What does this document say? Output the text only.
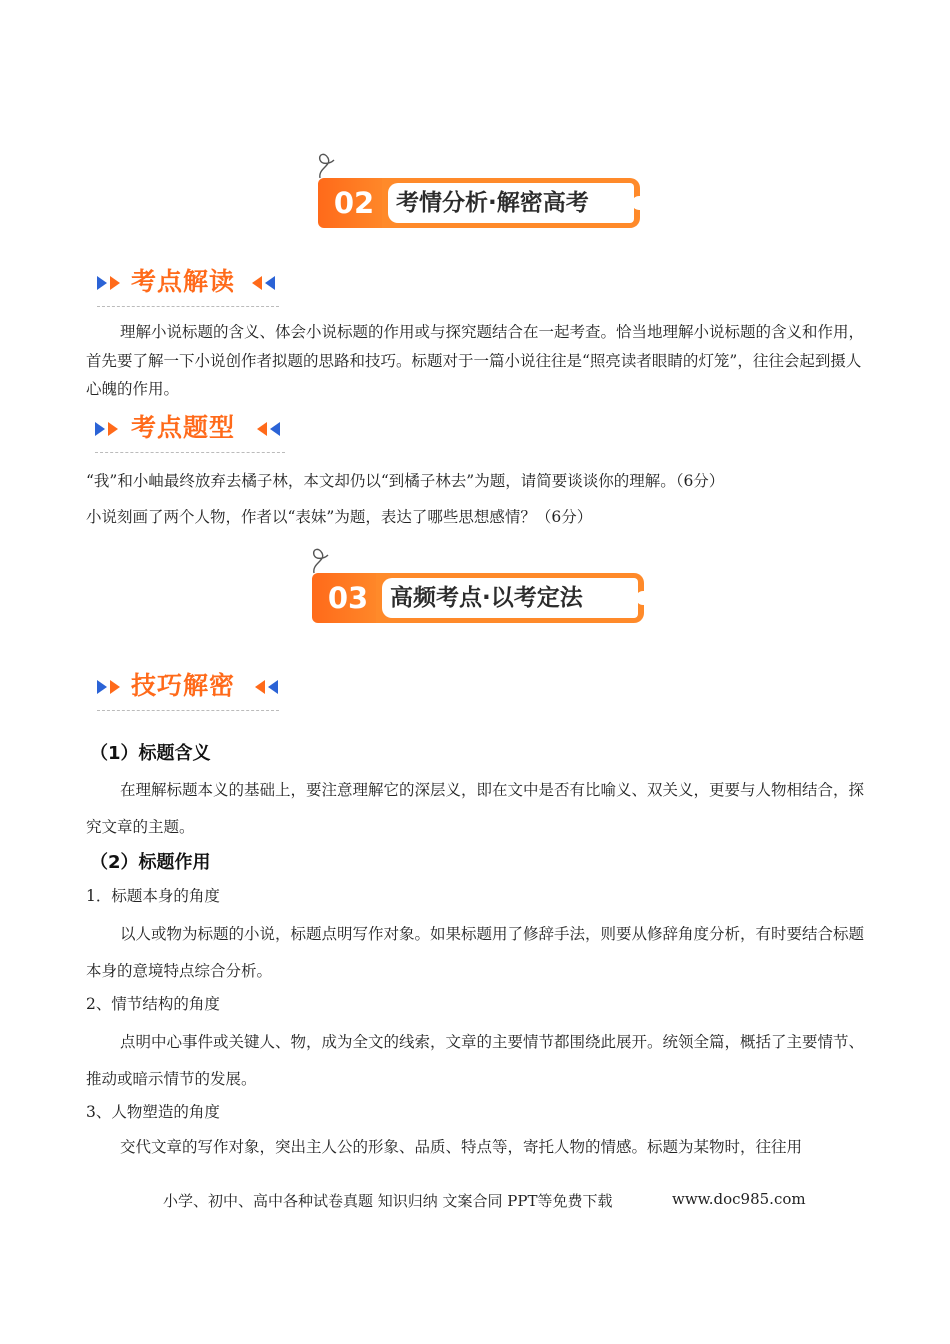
02 考情分析·解密高考
考点解读
理解小说标题的含义、体会小说标题的作用或与探究题结合在一起考查。恰当地理解小说标题的含义和作用，首先要了解一下小说创作者拟题的思路和技巧。标题对于一篇小说往往是“照亮读者眼睛的灯笼”，往往会起到摄人心魄的作用。
考点题型
“我”和小岫最终放弃去橘子林，本文却仍以“到橘子林去”为题，请简要谈谈你的理解。（6分）
小说刻画了两个人物，作者以“表妹”为题，表达了哪些思想感情？（6分）
03 高频考点·以考定法
技巧解密
（1）标题含义
在理解标题本义的基础上，要注意理解它的深层义，即在文中是否有比喻义、双关义，更要与人物相结合，探究文章的主题。
（2）标题作用
1．标题本身的角度
以人或物为标题的小说，标题点明写作对象。如果标题用了修辞手法，则要从修辞角度分析，有时要结合标题本身的意境特点综合分析。
2、情节结构的角度
点明中心事件或关键人、物，成为全文的线索，文章的主要情节都围绕此展开。统领全篇，概括了主要情节、推动或暗示情节的发展。
3、人物塑造的角度
交代文章的写作对象，突出主人公的形象、品质、特点等，寄托人物的情感。标题为某物时，往往用
小学、初中、高中各种试卷真题 知识归纳 文案合同 PPT等免费下载	www.doc985.com
